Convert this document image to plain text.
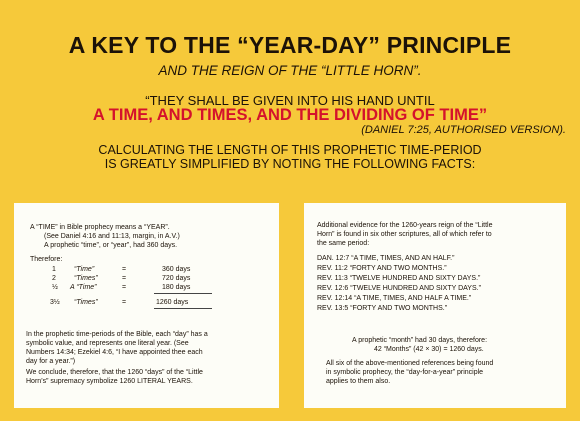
A KEY TO THE “YEAR-DAY” PRINCIPLE
AND THE REIGN OF THE “LITTLE HORN”.
“THEY SHALL BE GIVEN INTO HIS HAND UNTIL
A TIME, AND TIMES, AND THE DIVIDING OF TIME”
(DANIEL 7:25, AUTHORISED VERSION).
CALCULATING THE LENGTH OF THIS PROPHETIC TIME-PERIOD
IS GREATLY SIMPLIFIED BY NOTING THE FOLLOWING FACTS:
A “TIME” in Bible prophecy means a “YEAR”.
(See Daniel 4:16 and 11:13, margin, in A.V.)
A prophetic “time”, or “year”, had 360 days.
Therefore:
1	“Time”	=	360 days
2	“Times”	=	720 days
½ A “Time”	=	180 days
3½ “Times”	=	1260 days
In the prophetic time-periods of the Bible, each “day” has a
symbolic value, and represents one literal year. (See
Numbers 14:34; Ezekiel 4:6, “I have appointed thee each
day for a year.”)
We conclude, therefore, that the 1260 “days” of the “Little
Horn’s” supremacy symbolize 1260 LITERAL YEARS.
Additional evidence for the 1260-years reign of the “Little
Horn” is found in six other scriptures, all of which refer to
the same period:
DAN. 12:7 “A TIME, TIMES, AND AN HALF.”
REV. 11:2 “FORTY AND TWO MONTHS.”
REV. 11:3 “TWELVE HUNDRED AND SIXTY DAYS.”
REV. 12:6 “TWELVE HUNDRED AND SIXTY DAYS.”
REV. 12:14 “A TIME, TIMES, AND HALF A TIME.”
REV. 13:5 “FORTY AND TWO MONTHS.”
A prophetic “month” had 30 days, therefore:
42 “Months” (42 × 30) = 1260 days.
All six of the above-mentioned references being found
in symbolic prophecy, the “day-for-a-year” principle
applies to them also.
